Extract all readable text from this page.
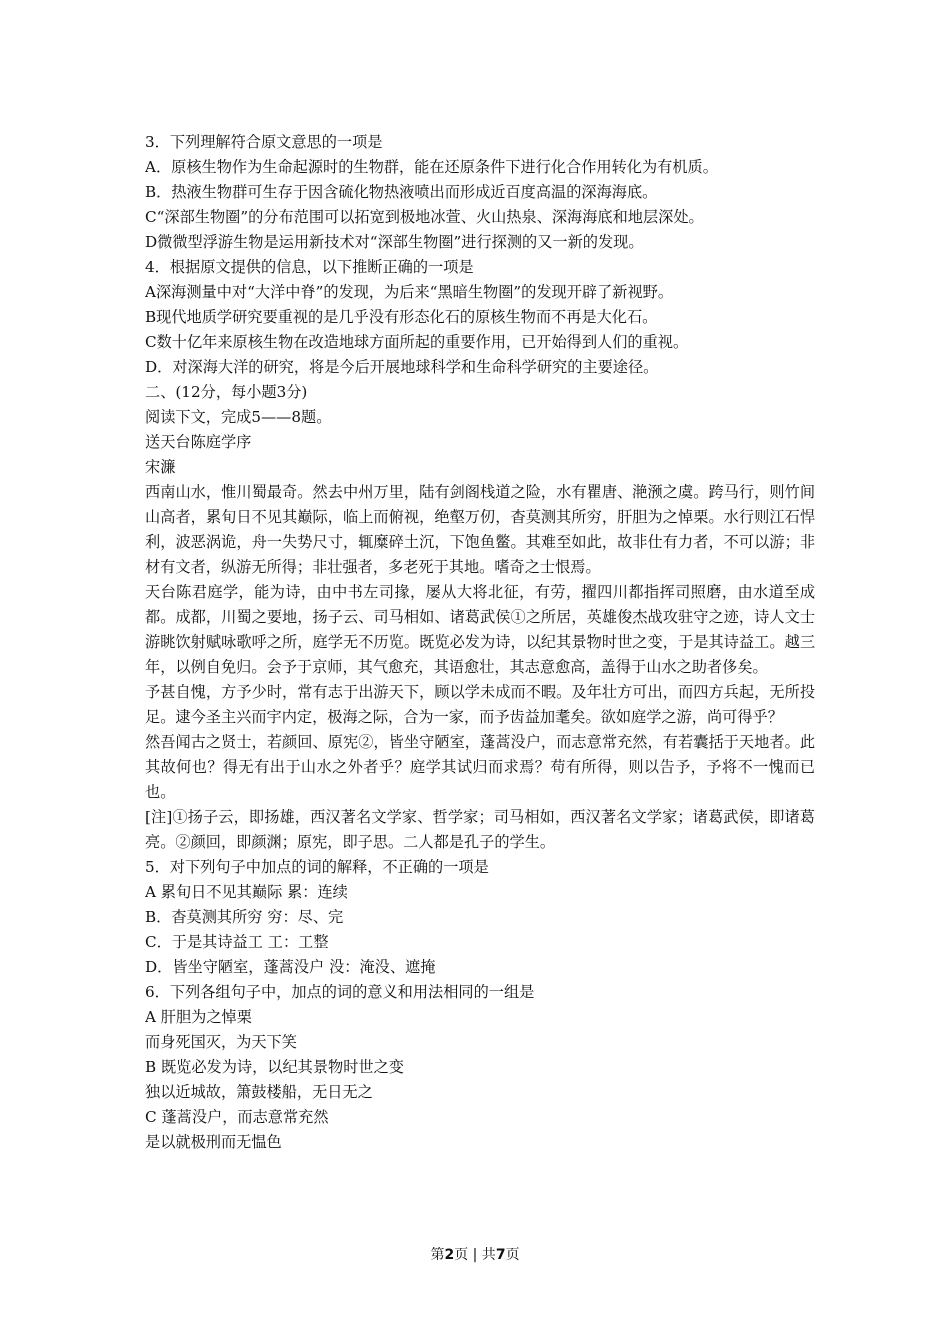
3．下列理解符合原文意思的一项是
A．原核生物作为生命起源时的生物群，能在还原条件下进行化合作用转化为有机质。
B．热液生物群可生存于因含硫化物热液喷出而形成近百度高温的深海海底。
C“深部生物圈”的分布范围可以拓宽到极地冰萱、火山热泉、深海海底和地层深处。
D微微型浮游生物是运用新技术对“深部生物圈”进行探测的又一新的发现。
4．根据原文提供的信息，以下推断正确的一项是
A深海测量中对“大洋中脊”的发现，为后来“黑暗生物圈”的发现开辟了新视野。
B现代地质学研究要重视的是几乎没有形态化石的原核生物而不再是大化石。
C数十亿年来原核生物在改造地球方面所起的重要作用，已开始得到人们的重视。
D．对深海大洋的研究，将是今后开展地球科学和生命科学研究的主要途径。
二、(12分，每小题3分)
阅读下文，完成5——8题。
送天台陈庭学序
宋濂
西南山水，惟川蜀最奇。然去中州万里，陆有剑阁栈道之险，水有瞿唐、滟滪之虞。跨马行，则竹间山高者，累旬日不见其巅际，临上而俯视，绝壑万仞，杳莫测其所穷，肝胆为之悼栗。水行则江石悍利，波恶涡诡，舟一失势尺寸，辄糜碎土沉，下饱鱼鳖。其难至如此，故非仕有力者，不可以游；非材有文者，纵游无所得；非壮强者，多老死于其地。嗜奇之士恨焉。
天台陈君庭学，能为诗，由中书左司掾，屡从大将北征，有劳，擢四川都指挥司照磨，由水道至成都。成都，川蜀之要地，扬子云、司马相如、诸葛武侯①之所居，英雄俊杰战攻驻守之迹，诗人文士游眺饮射赋咏歌呼之所，庭学无不历览。既览必发为诗，以纪其景物时世之变，于是其诗益工。越三年，以例自免归。会予于京师，其气愈充，其语愈壮，其志意愈高，盖得于山水之助者侈矣。
予甚自愧，方予少时，常有志于出游天下，顾以学未成而不暇。及年壮方可出，而四方兵起，无所投足。逮今圣主兴而宇内定，极海之际，合为一家，而予齿益加耄矣。欲如庭学之游，尚可得乎？
然吾闻古之贤士，若颜回、原宪②，皆坐守陋室，蓬蒿没户，而志意常充然，有若囊括于天地者。此其故何也？得无有出于山水之外者乎？庭学其试归而求焉？苟有所得，则以告予，予将不一愧而已也。
[注]①扬子云，即扬雄，西汉著名文学家、哲学家；司马相如，西汉著名文学家；诸葛武侯，即诸葛亮。②颜回，即颜渊；原宪，即子思。二人都是孔子的学生。
5．对下列句子中加点的词的解释，不正确的一项是
A 累旬日不见其巅际 累：连续
B．杳莫测其所穷 穷：尽、完
C．于是其诗益工 工：工整
D．皆坐守陋室，蓬蒿没户 没：淹没、遮掩
6．下列各组句子中，加点的词的意义和用法相同的一组是
A 肝胆为之悼栗
而身死国灭，为天下笑
B 既览必发为诗，以纪其景物时世之变
独以近城故，箫鼓楼船，无日无之
C 蓬蒿没户，而志意常充然
是以就极刑而无愠色
第2页 | 共7页
